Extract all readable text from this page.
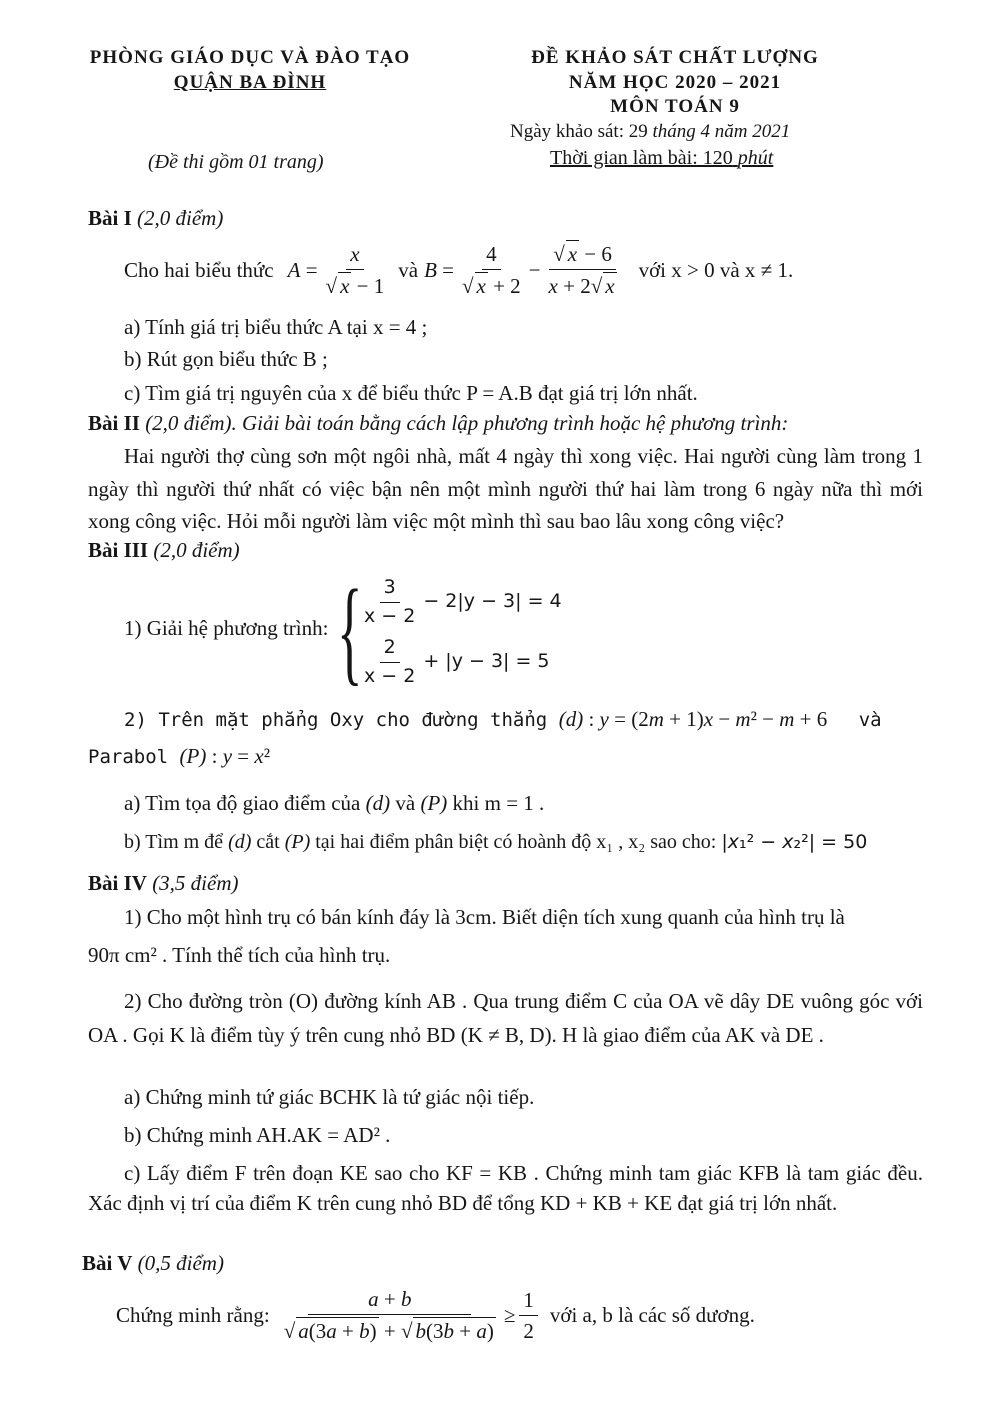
PHÒNG GIÁO DỤC VÀ ĐÀO TẠO
QUẬN BA ĐÌNH
(Đề thi gồm 01 trang)
ĐỀ KHẢO SÁT CHẤT LƯỢNG
NĂM HỌC 2020 – 2021
MÔN TOÁN 9
Ngày khảo sát: 29 tháng 4 năm 2021
Thời gian làm bài: 120 phút
Bài I (2,0 điểm)
Cho hai biểu thức $A = \frac{x}{√ x - 1}$ và $B = \frac{4}{√ x + 2} - \frac{√ x - 6}{x + 2√ x}$ với x > 0 và x ≠ 1.
a) Tính giá trị biểu thức A tại x = 4 ;
b) Rút gọn biểu thức B ;
c) Tìm giá trị nguyên của x để biểu thức P = A.B đạt giá trị lớn nhất.
Bài II (2,0 điểm). Giải bài toán bằng cách lập phương trình hoặc hệ phương trình:
Hai người thợ cùng sơn một ngôi nhà, mất 4 ngày thì xong việc. Hai người cùng làm trong 1 ngày thì người thứ nhất có việc bận nên một mình người thứ hai làm trong 6 ngày nữa thì mới xong công việc. Hỏi mỗi người làm việc một mình thì sau bao lâu xong công việc?
Bài III (2,0 điểm)
1) Giải hệ phương trình: {
$\frac{3}{x - 2} - 2|y - 3| = 4$
$\frac{2}{x - 2} + |y - 3| = 5$
2) Trên mặt phẳng Oxy cho đường thẳng (d) : y = (2m + 1)x − m² − m + 6 và
Parabol (P) : y = x²
a) Tìm tọa độ giao điểm của (d) và (P) khi m = 1 .
b) Tìm m để (d) cắt (P) tại hai điểm phân biệt có hoành độ x₁ , x₂ sao cho: |x₁² − x₂²| = 50
Bài IV (3,5 điểm)
1) Cho một hình trụ có bán kính đáy là 3cm. Biết diện tích xung quanh của hình trụ là
90π cm² . Tính thể tích của hình trụ.
2) Cho đường tròn (O) đường kính AB . Qua trung điểm C của OA vẽ dây DE vuông góc với OA . Gọi K là điểm tùy ý trên cung nhỏ BD (K ≠ B, D). H là giao điểm của AK và DE .
a) Chứng minh tứ giác BCHK là tứ giác nội tiếp.
b) Chứng minh AH.AK = AD² .
c) Lấy điểm F trên đoạn KE sao cho KF = KB . Chứng minh tam giác KFB là tam giác đều. Xác định vị trí của điểm K trên cung nhỏ BD để tổng KD + KB + KE đạt giá trị lớn nhất.
Bài V (0,5 điểm)
Chứng minh rằng: $\frac{a + b}{√ a(3a + b) + √ b(3b + a)} \ge \frac{1}{2}$ với a, b là các số dương.
